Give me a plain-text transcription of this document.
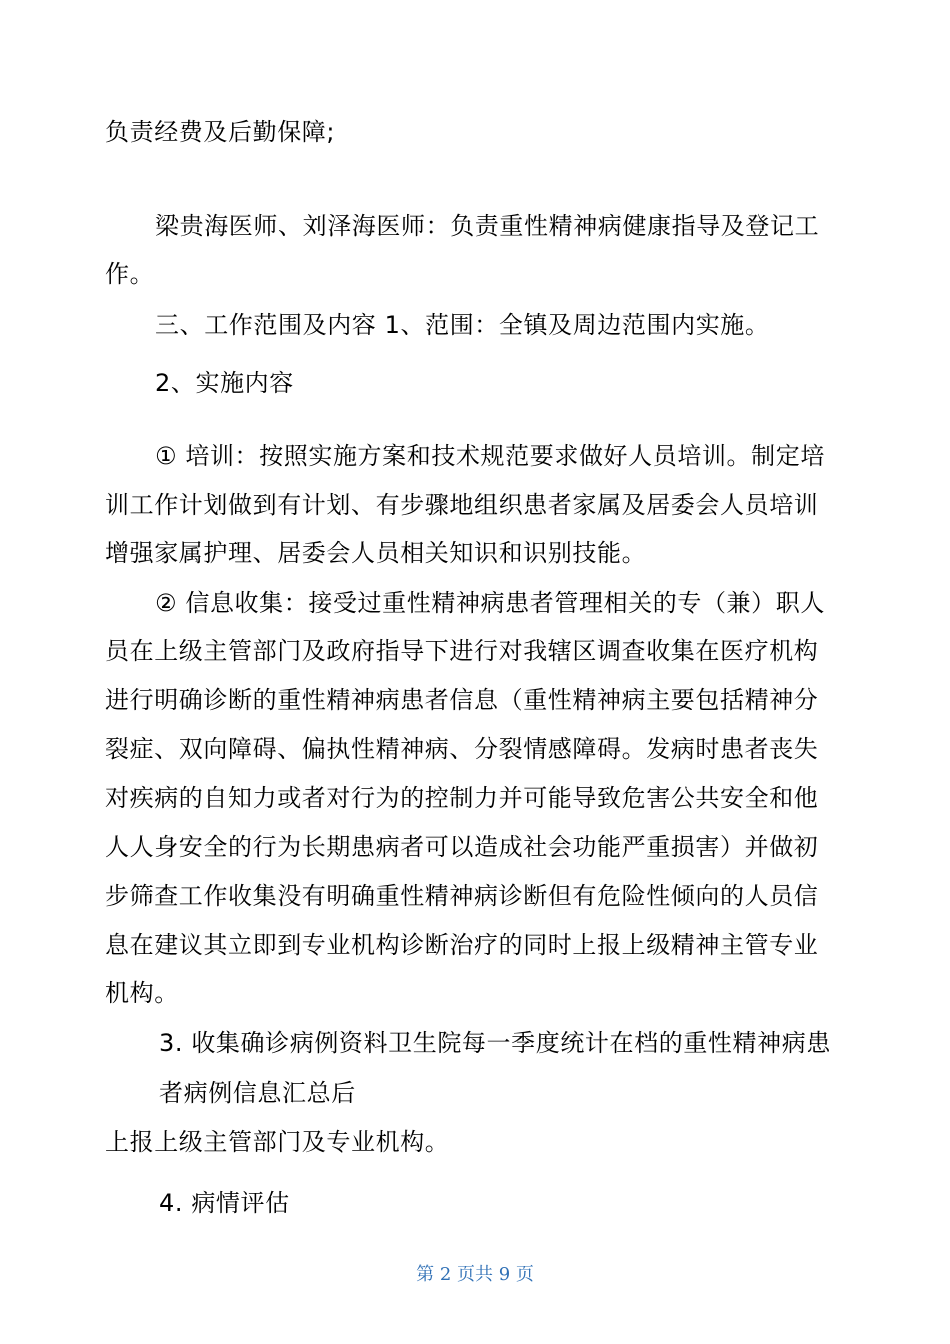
负责经费及后勤保障;
梁贵海医师、刘泽海医师：负责重性精神病健康指导及登记工
作。
三、工作范围及内容 1、范围：全镇及周边范围内实施。
2、实施内容
① 培训：按照实施方案和技术规范要求做好人员培训。制定培
训工作计划做到有计划、有步骤地组织患者家属及居委会人员培训
增强家属护理、居委会人员相关知识和识别技能。
② 信息收集：接受过重性精神病患者管理相关的专（兼）职人
员在上级主管部门及政府指导下进行对我辖区调查收集在医疗机构
进行明确诊断的重性精神病患者信息（重性精神病主要包括精神分
裂症、双向障碍、偏执性精神病、分裂情感障碍。发病时患者丧失
对疾病的自知力或者对行为的控制力并可能导致危害公共安全和他
人人身安全的行为长期患病者可以造成社会功能严重损害）并做初
步筛查工作收集没有明确重性精神病诊断但有危险性倾向的人员信
息在建议其立即到专业机构诊断治疗的同时上报上级精神主管专业
机构。
3. 收集确诊病例资料卫生院每一季度统计在档的重性精神病患
者病例信息汇总后
上报上级主管部门及专业机构。
4. 病情评估
第 2 页共 9 页
